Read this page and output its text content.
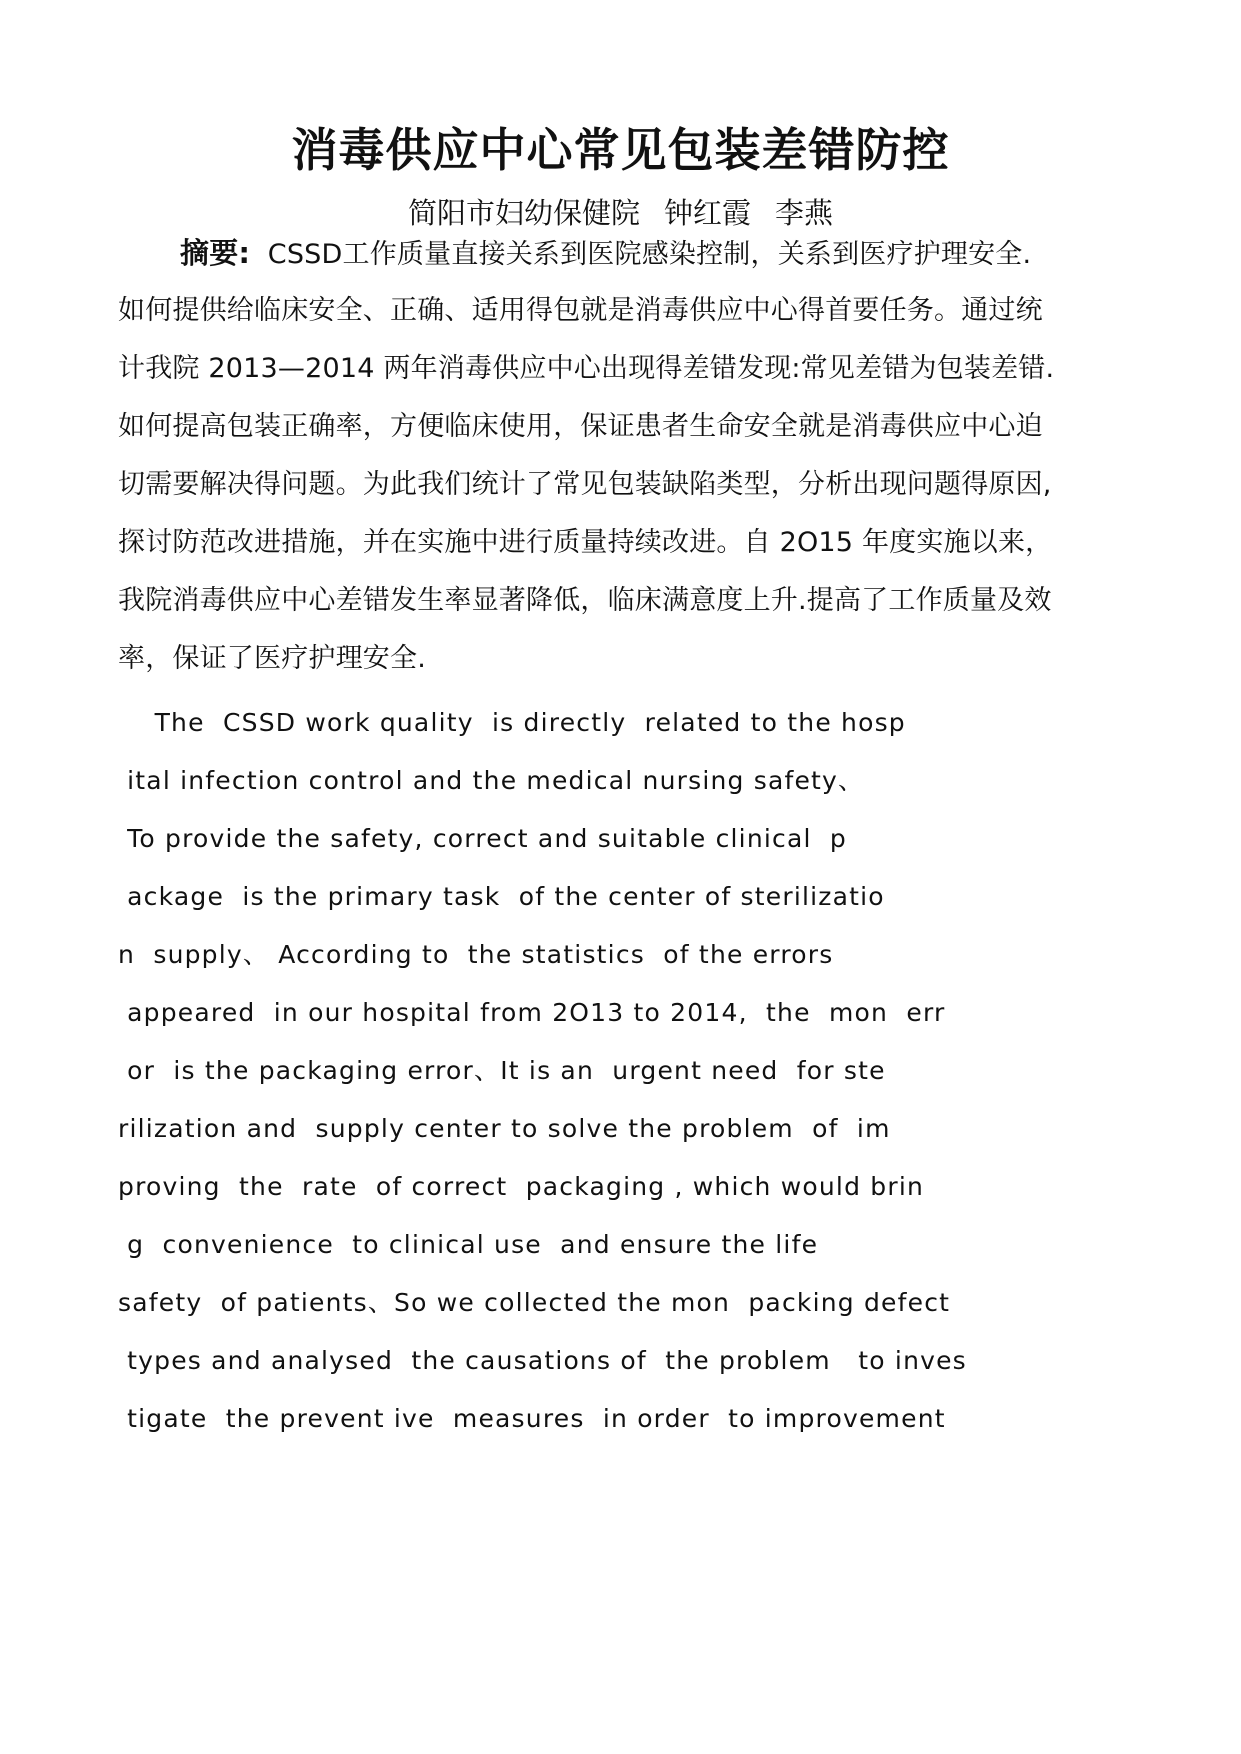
消毒供应中心常见包装差错防控

简阳市妇幼保健院 钟红霞 李燕

摘要: CSSD工作质量直接关系到医院感染控制，关系到医疗护理安全.

如何提供给临床安全、正确、适用得包就是消毒供应中心得首要任务。通过统

计我院 2013—2014 两年消毒供应中心出现得差错发现:常见差错为包装差错.

如何提高包装正确率，方便临床使用，保证患者生命安全就是消毒供应中心迫

切需要解决得问题。为此我们统计了常见包装缺陷类型，分析出现问题得原因,

探讨防范改进措施，并在实施中进行质量持续改进。自 2O15 年度实施以来，

我院消毒供应中心差错发生率显著降低，临床满意度上升.提高了工作质量及效

率，保证了医疗护理安全.

The  CSSD work quality  is directly  related to the hosp

ital infection control and the medical nursing safety、

To provide the safety, correct and suitable clinical  p

ackage  is the primary task  of the center of sterilizatio

n  supply、 According to  the statistics  of the errors

appeared  in our hospital from 2O13 to 2014,  the  mon  err

or  is the packaging error、It is an  urgent need  for ste

rilization and  supply center to solve the problem  of  im

proving  the  rate  of correct  packaging , which would brin

g  convenience  to clinical use  and ensure the life

safety  of patients、So we collected the mon  packing defect

types and analysed  the causations of  the problem   to inves

tigate  the prevent ive  measures  in order  to improvement
